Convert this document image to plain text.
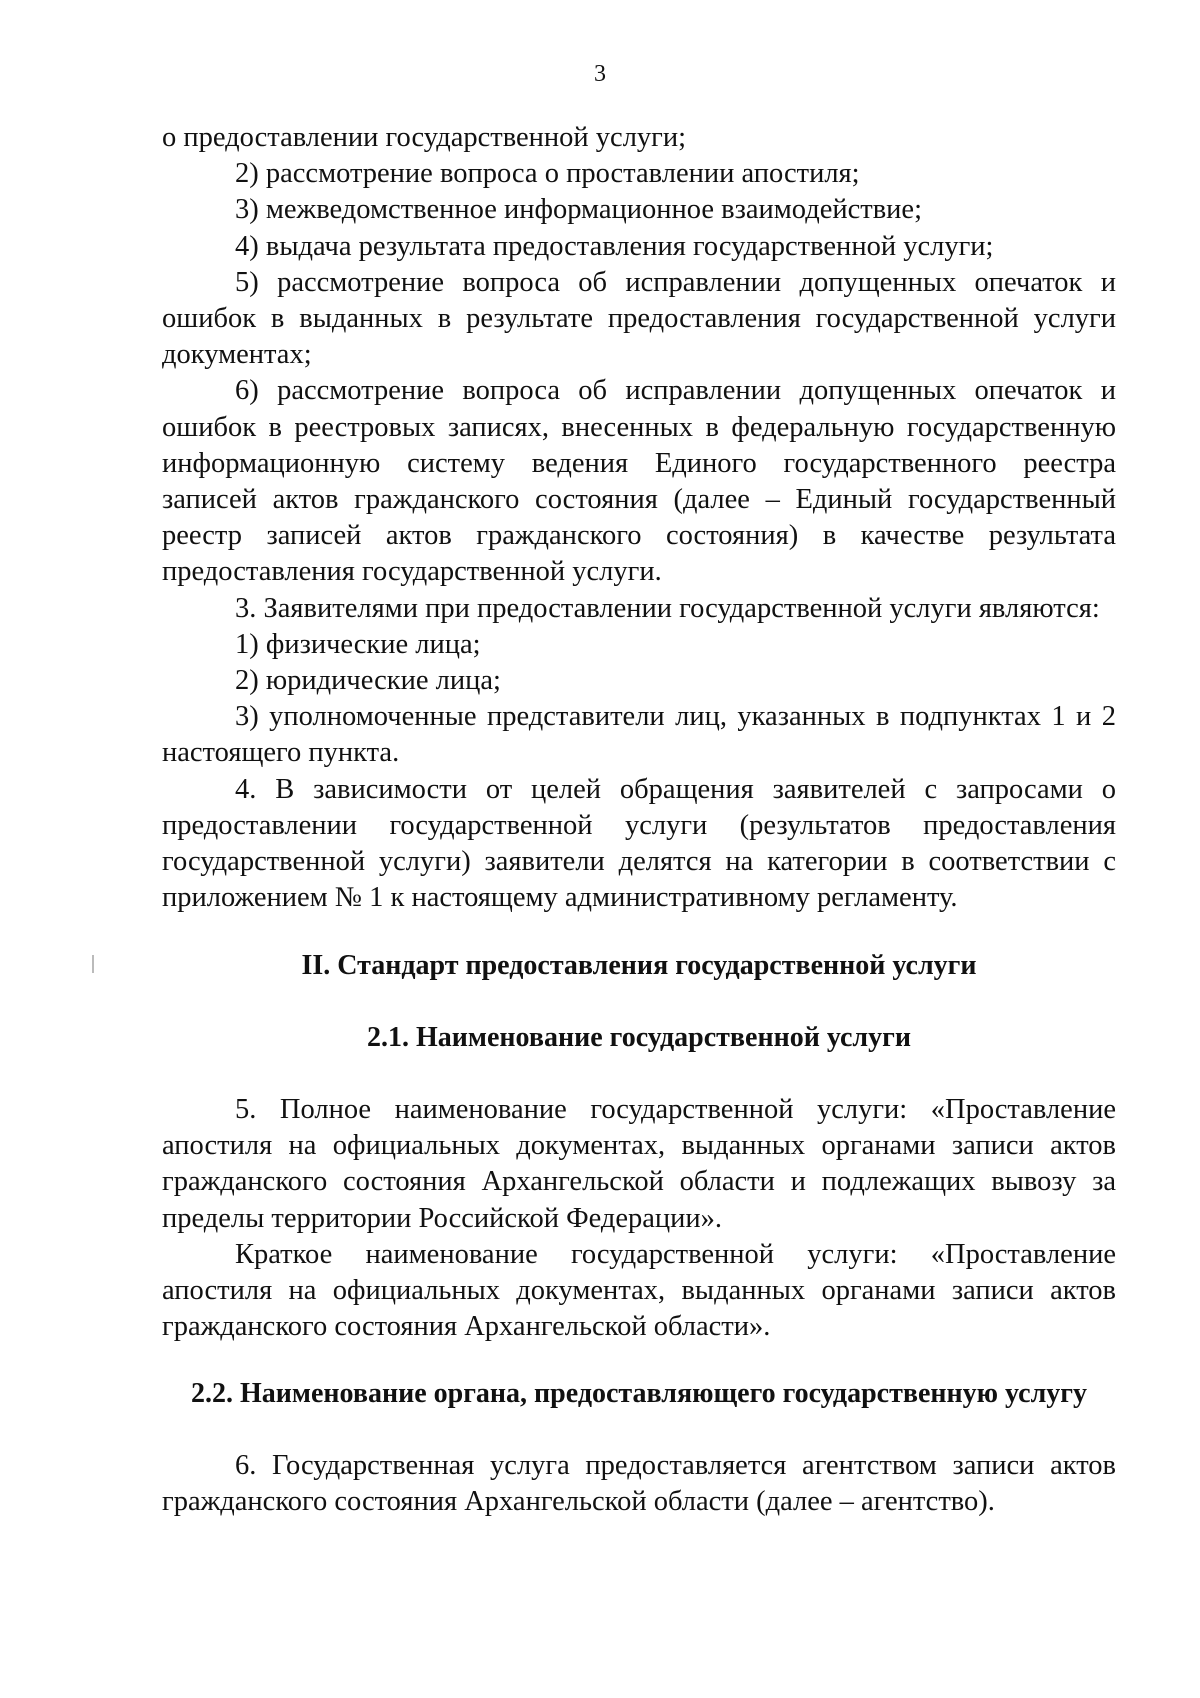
3

о предоставлении государственной услуги;

2) рассмотрение вопроса о проставлении апостиля;

3) межведомственное информационное взаимодействие;

4) выдача результата предоставления государственной услуги;

5) рассмотрение вопроса об исправлении допущенных опечаток и ошибок в выданных в результате предоставления государственной услуги документах;

6) рассмотрение вопроса об исправлении допущенных опечаток и ошибок в реестровых записях, внесенных в федеральную государственную информационную систему ведения Единого государственного реестра записей актов гражданского состояния (далее – Единый государственный реестр записей актов гражданского состояния) в качестве результата предоставления государственной услуги.

3. Заявителями при предоставлении государственной услуги являются:

1) физические лица;

2) юридические лица;

3) уполномоченные представители лиц, указанных в подпунктах 1 и 2 настоящего пункта.

4. В зависимости от целей обращения заявителей с запросами о предоставлении государственной услуги (результатов предоставления государственной услуги) заявители делятся на категории в соответствии с приложением № 1 к настоящему административному регламенту.

II. Стандарт предоставления государственной услуги

2.1. Наименование государственной услуги

5. Полное наименование государственной услуги: «Проставление апостиля на официальных документах, выданных органами записи актов гражданского состояния Архангельской области и подлежащих вывозу за пределы территории Российской Федерации».

Краткое наименование государственной услуги: «Проставление апостиля на официальных документах, выданных органами записи актов гражданского состояния Архангельской области».

2.2. Наименование органа, предоставляющего государственную услугу

6. Государственная услуга предоставляется агентством записи актов гражданского состояния Архангельской области (далее – агентство).
